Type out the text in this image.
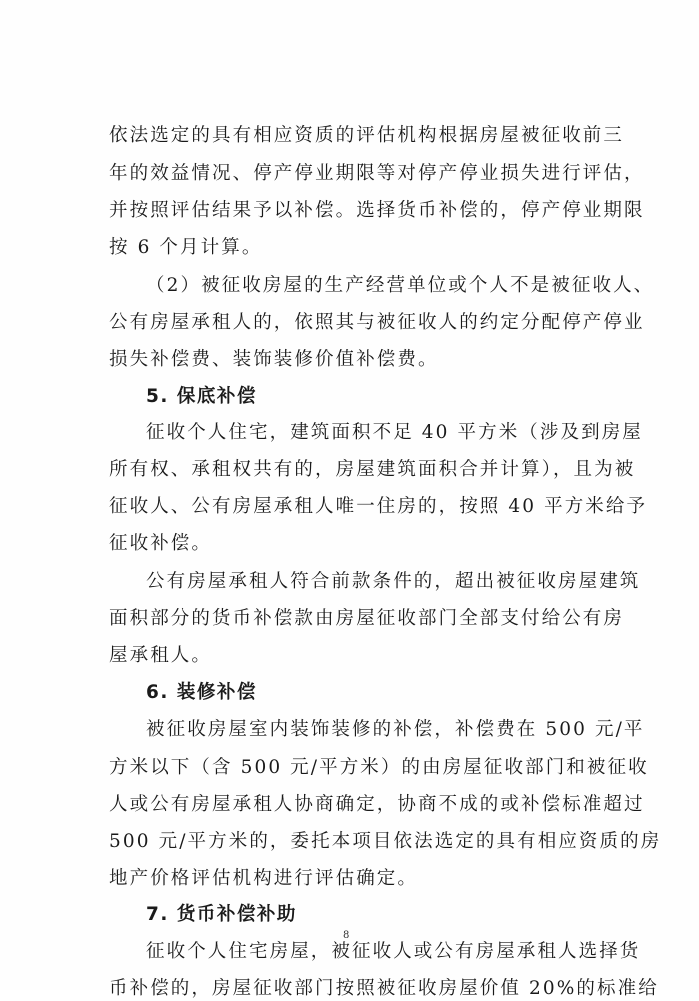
依法选定的具有相应资质的评估机构根据房屋被征收前三
年的效益情况、停产停业期限等对停产停业损失进行评估，
并按照评估结果予以补偿。选择货币补偿的，停产停业期限
按 6 个月计算。
（2）被征收房屋的生产经营单位或个人不是被征收人、
公有房屋承租人的，依照其与被征收人的约定分配停产停业
损失补偿费、装饰装修价值补偿费。
5. 保底补偿
征收个人住宅，建筑面积不足 40 平方米（涉及到房屋
所有权、承租权共有的，房屋建筑面积合并计算），且为被
征收人、公有房屋承租人唯一住房的，按照 40 平方米给予
征收补偿。
公有房屋承租人符合前款条件的，超出被征收房屋建筑
面积部分的货币补偿款由房屋征收部门全部支付给公有房
屋承租人。
6. 装修补偿
被征收房屋室内装饰装修的补偿，补偿费在 500 元/平
方米以下（含 500 元/平方米）的由房屋征收部门和被征收
人或公有房屋承租人协商确定，协商不成的或补偿标准超过
500 元/平方米的，委托本项目依法选定的具有相应资质的房
地产价格评估机构进行评估确定。
7. 货币补偿补助
征收个人住宅房屋，被征收人或公有房屋承租人选择货
币补偿的，房屋征收部门按照被征收房屋价值 20%的标准给
8
